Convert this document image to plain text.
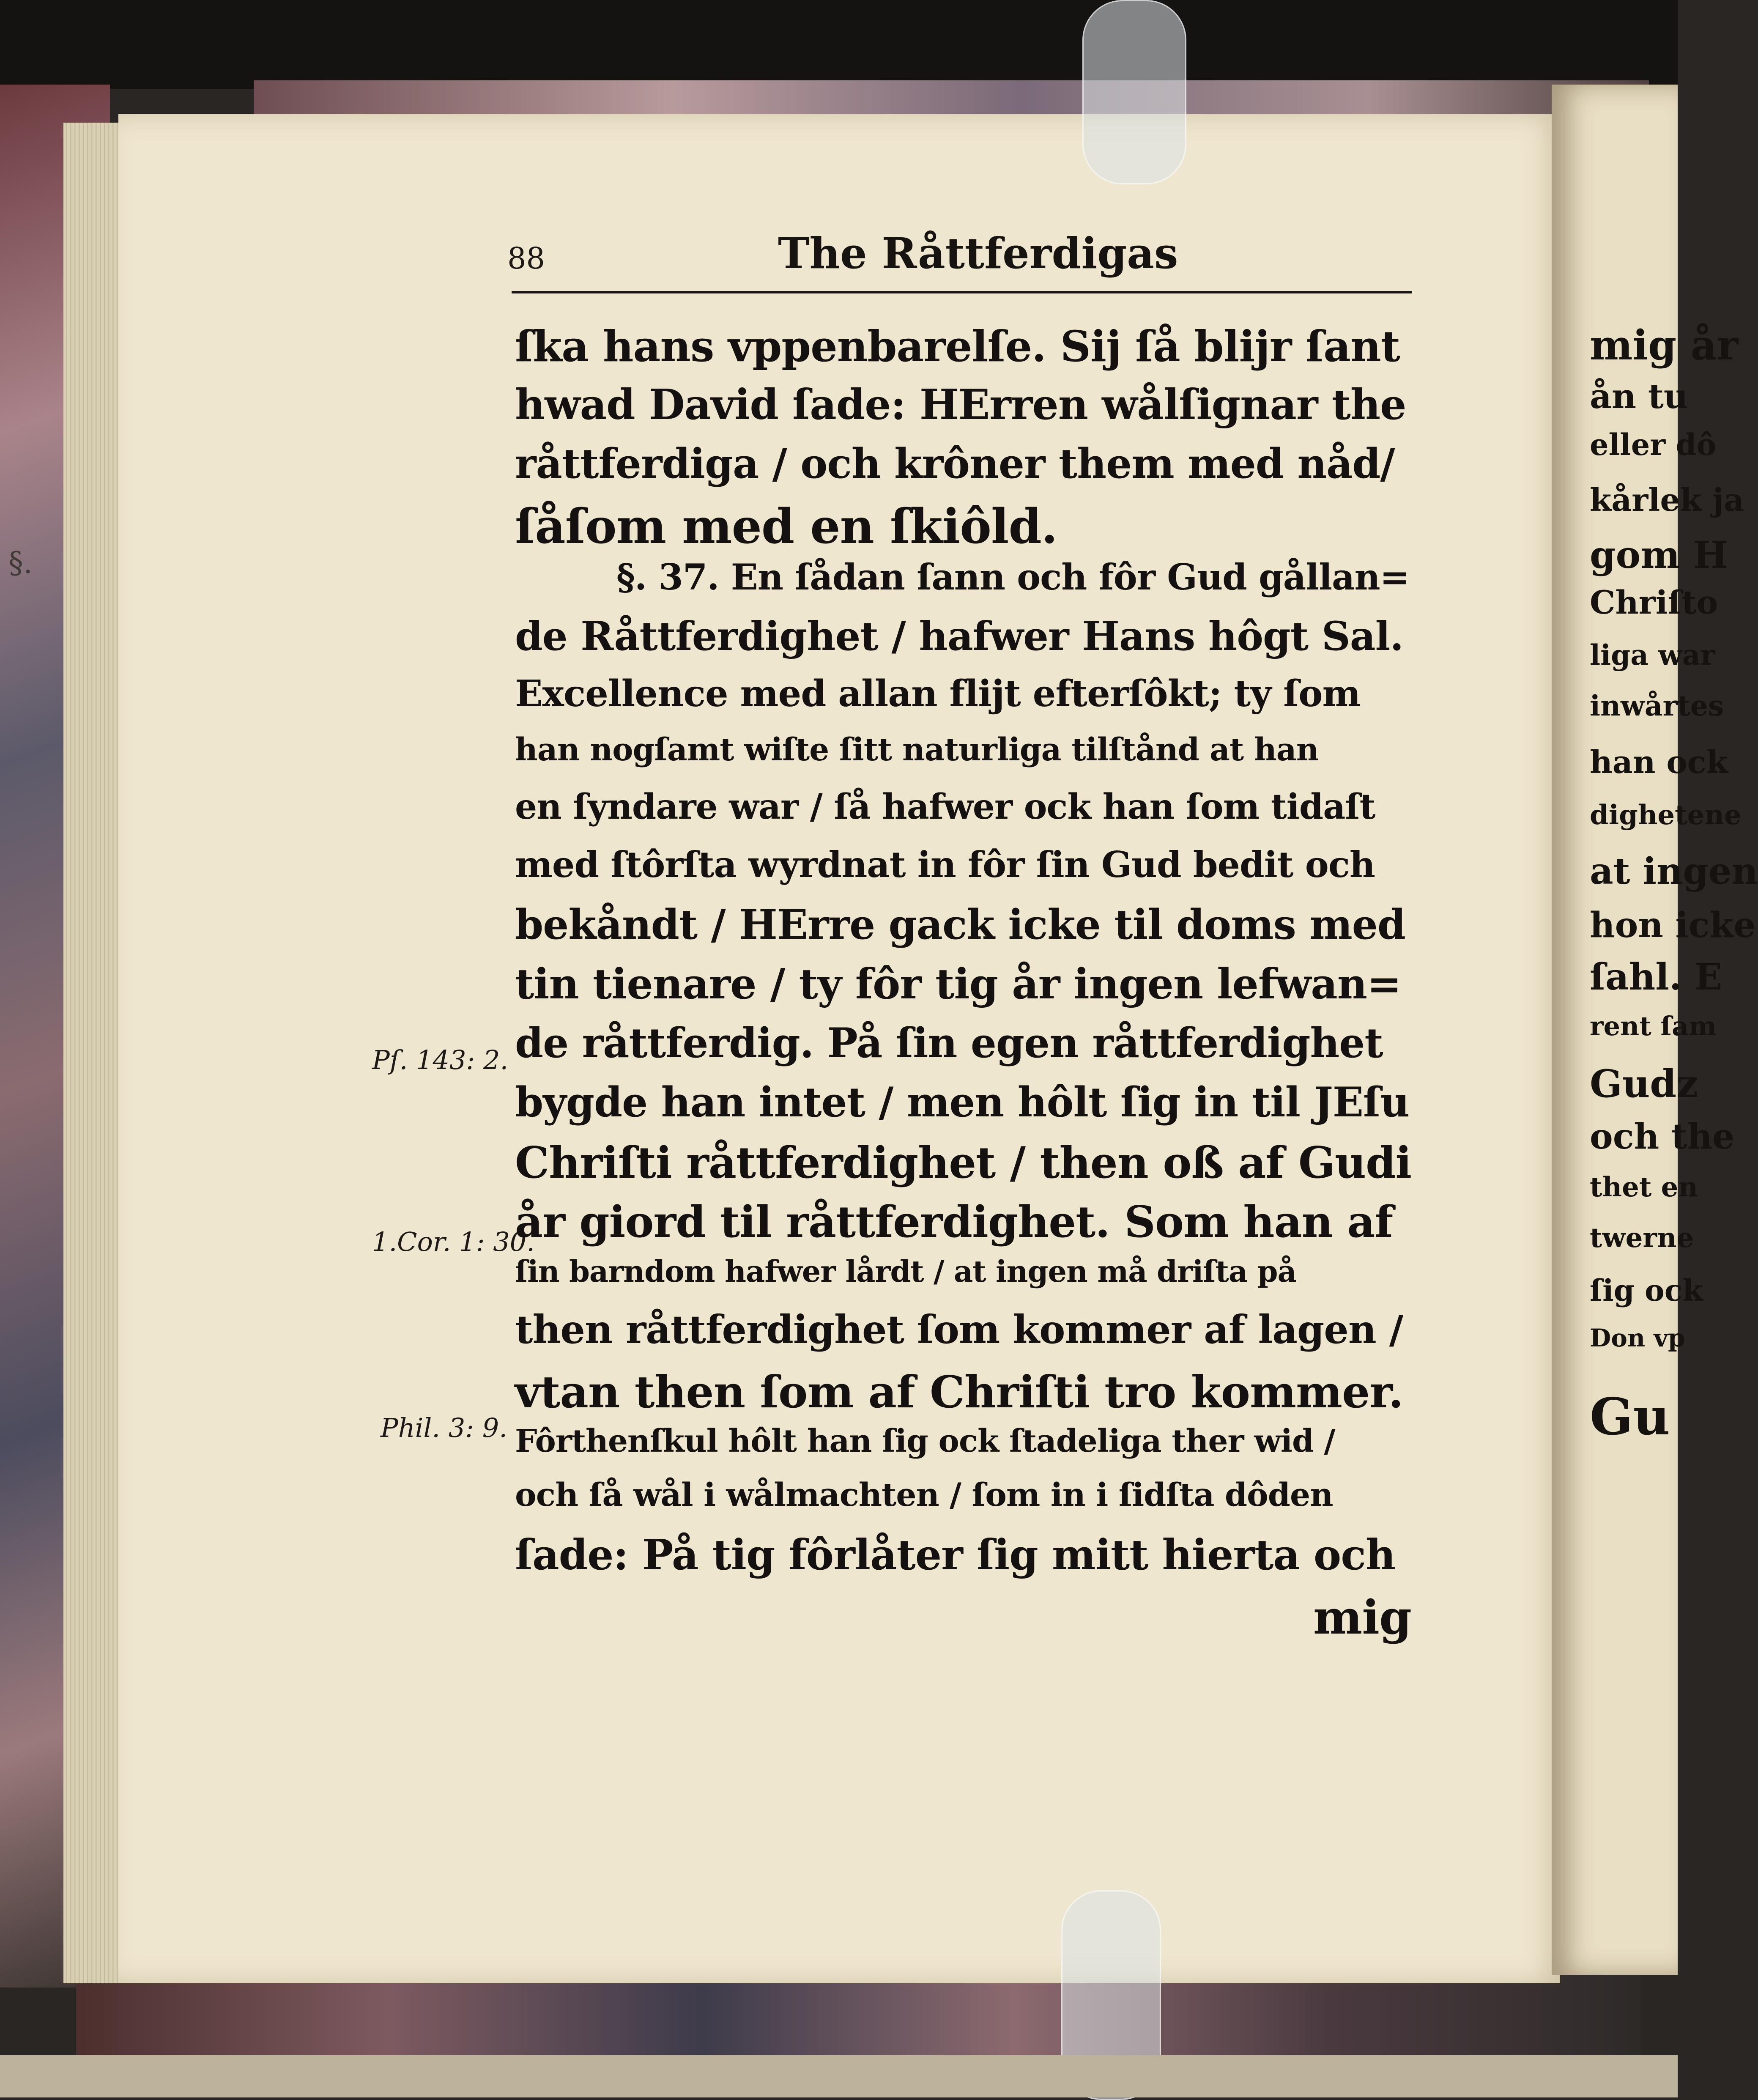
mig år
ån tu
eller dô
kårlek ja
gom H
Chriſto
liga war
inwårtes
han ock
dighetene
at ingen
hon icke
ſahl. E
rent ſam
Gudz
och the
thet en
twerne
ſig ock
Don vp
Gu
88	The Råttferdigas
§.
Pſ. 143: 2.
1.Cor. 1: 30.
Phil. 3: 9.
ſka hans vppenbarelſe. Sij ſå blijr ſant
hwad David ſade: HErren wålſignar the
råttferdiga / och krôner them med nåd/
ſåſom med en ſkiôld.
§. 37. En ſådan ſann och fôr Gud gållan=
de Råttferdighet / hafwer Hans hôgt Sal.
Excellence med allan flijt efterſôkt; ty ſom
han nogſamt wiſte ſitt naturliga tilſtånd at han
en ſyndare war / ſå hafwer ock han ſom tidaſt
med ſtôrſta wyrdnat in fôr ſin Gud bedit och
bekåndt / HErre gack icke til doms med
tin tienare / ty fôr tig år ingen lefwan=
de råttferdig. På ſin egen råttferdighet
bygde han intet / men hôlt ſig in til JEſu
Chriſti råttferdighet / then oß af Gudi
år giord til råttferdighet. Som han af
ſin barndom hafwer lårdt / at ingen må driſta på
then råttferdighet ſom kommer af lagen /
vtan then ſom af Chriſti tro kommer.
Fôrthenſkul hôlt han ſig ock ſtadeliga ther wid /
och ſå wål i wålmachten / ſom in i ſidſta dôden
ſade: På tig fôrlåter ſig mitt hierta och
mig
